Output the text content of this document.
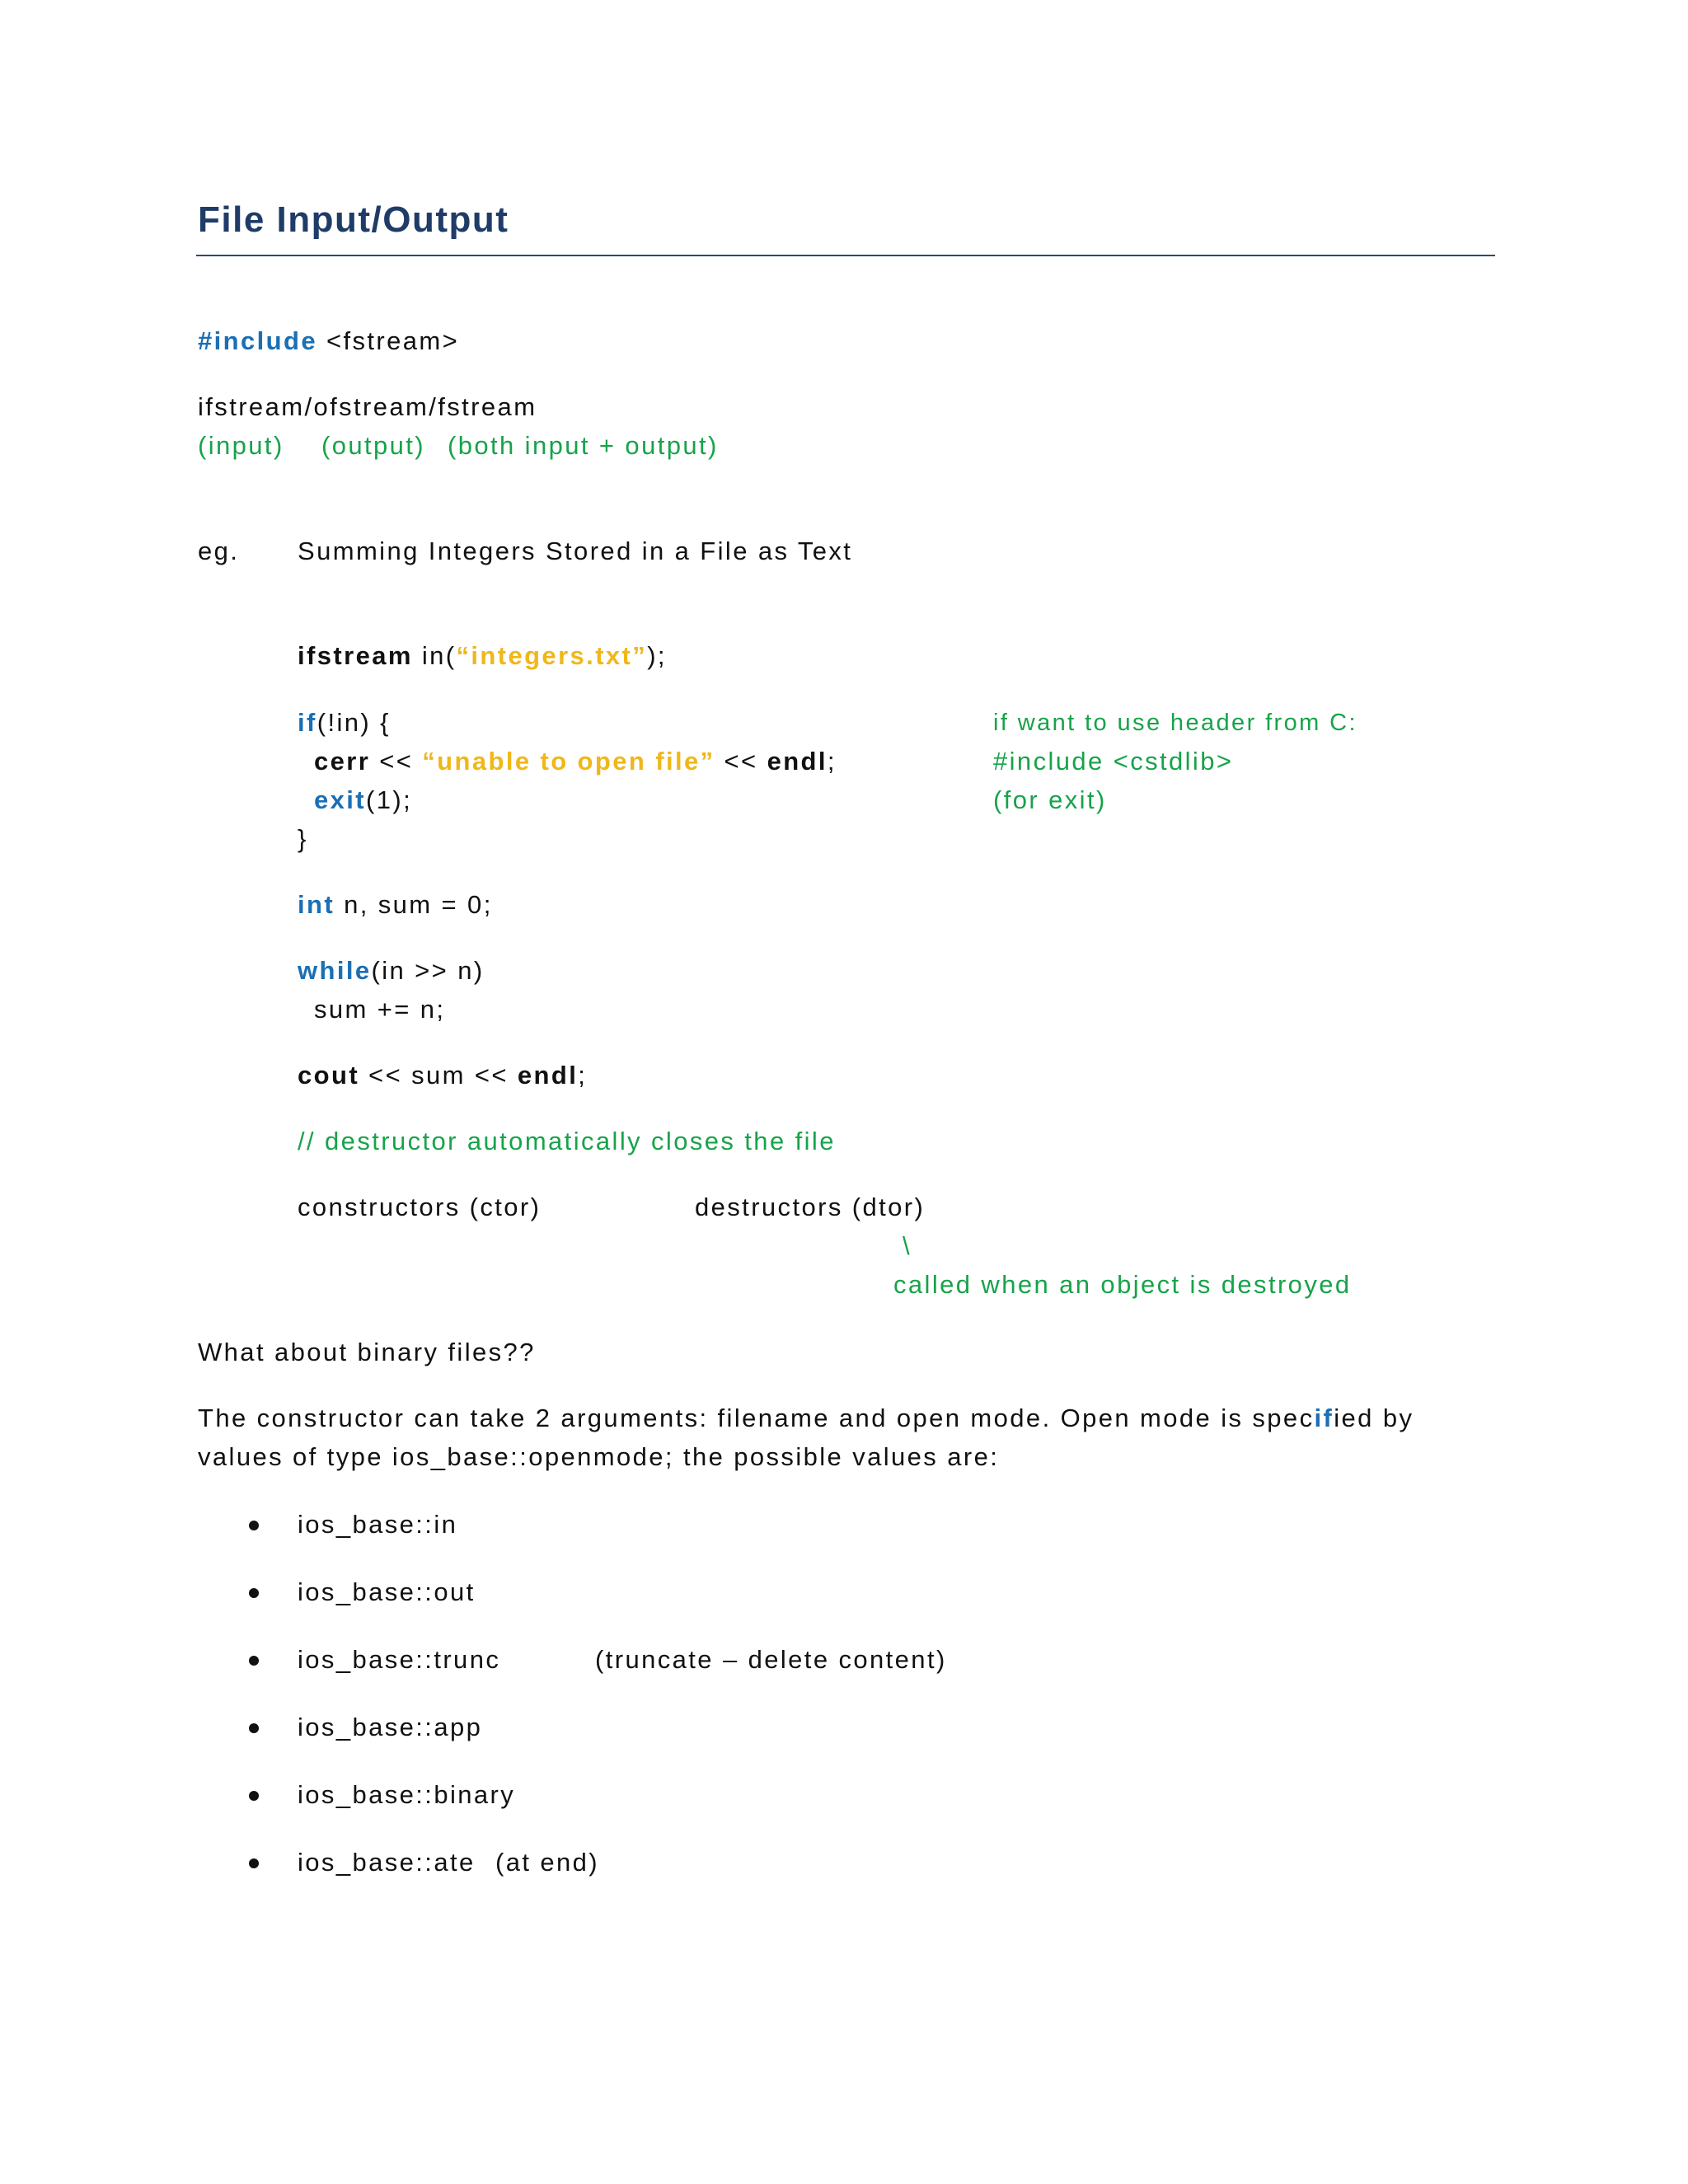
File Input/Output
#include <fstream>
ifstream/ofstream/fstream
(input) (output) (both input + output)
eg. Summing Integers Stored in a File as Text
ifstream in(“integers.txt”);
if(!in) {
cerr << “unable to open file” << endl;
exit(1);
}
int n, sum = 0;
while(in >> n)
sum += n;
cout << sum << endl;
// destructor automatically closes the file
if want to use header from C:
#include <cstdlib>
(for exit)
constructors (ctor)	destructors (dtor)
\
called when an object is destroyed
What about binary files??
The constructor can take 2 arguments: filename and open mode. Open mode is specified by
values of type ios_base::openmode; the possible values are:
ios_base::in
ios_base::out
ios_base::trunc	(truncate – delete content)
ios_base::app
ios_base::binary
ios_base::ate (at end)
